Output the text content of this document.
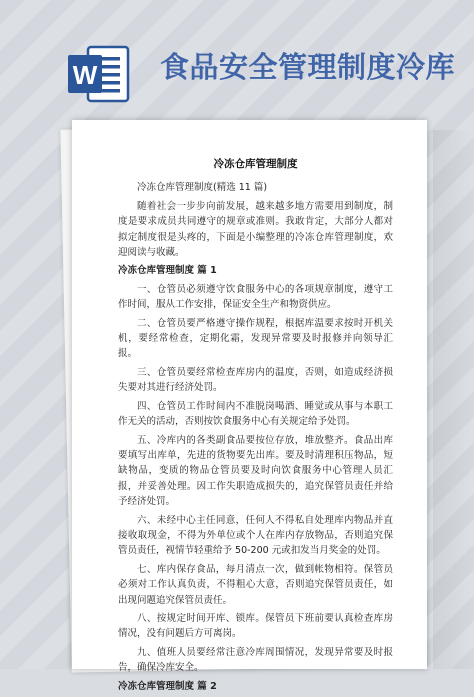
W 食品安全管理制度冷库
冷冻仓库管理制度
冷冻仓库管理制度(精选 11 篇)
随着社会一步步向前发展，越来越多地方需要用到制度，制度是要求成员共同遵守的规章或准则。我敢肯定，大部分人都对拟定制度很是头疼的，下面是小编整理的冷冻仓库管理制度，欢迎阅读与收藏。
冷冻仓库管理制度 篇 1
一、仓管员必须遵守饮食服务中心的各项规章制度，遵守工作时间，服从工作安排，保证安全生产和物资供应。
二、仓管员要严格遵守操作规程，根据库温要求按时开机关机，要经常检查，定期化霜，发现异常要及时报修并向领导汇报。
三、仓管员要经常检查库房内的温度，否则，如造成经济损失要对其进行经济处罚。
四、仓管员工作时间内不准脱岗喝酒、睡觉或从事与本职工作无关的活动，否则按饮食服务中心有关规定给予处罚。
五、冷库内的各类副食品要按位存放，堆放整齐。食品出库要填写出库单，先进的货物要先出库。要及时清理积压物品，短缺物品，变质的物品仓管员要及时向饮食服务中心管理人员汇报，并妥善处理。因工作失职造成损失的，追究保管员责任并给予经济处罚。
六、未经中心主任同意，任何人不得私自处理库内物品并直接收取现金，不得为外单位或个人在库内存放物品，否则追究保管员责任，视情节轻重给予 50-200 元或扣发当月奖金的处罚。
七、库内保存食品，每月清点一次，做到帐物相符。保管员必须对工作认真负责，不得粗心大意，否则追究保管员责任，如出现问题追究保管员责任。
八、按规定时间开库、锁库。保管员下班前要认真检查库房情况，没有问题后方可离岗。
九、值班人员要经常注意冷库周围情况，发现异常要及时报告，确保冷库安全。
冷冻仓库管理制度 篇 2
